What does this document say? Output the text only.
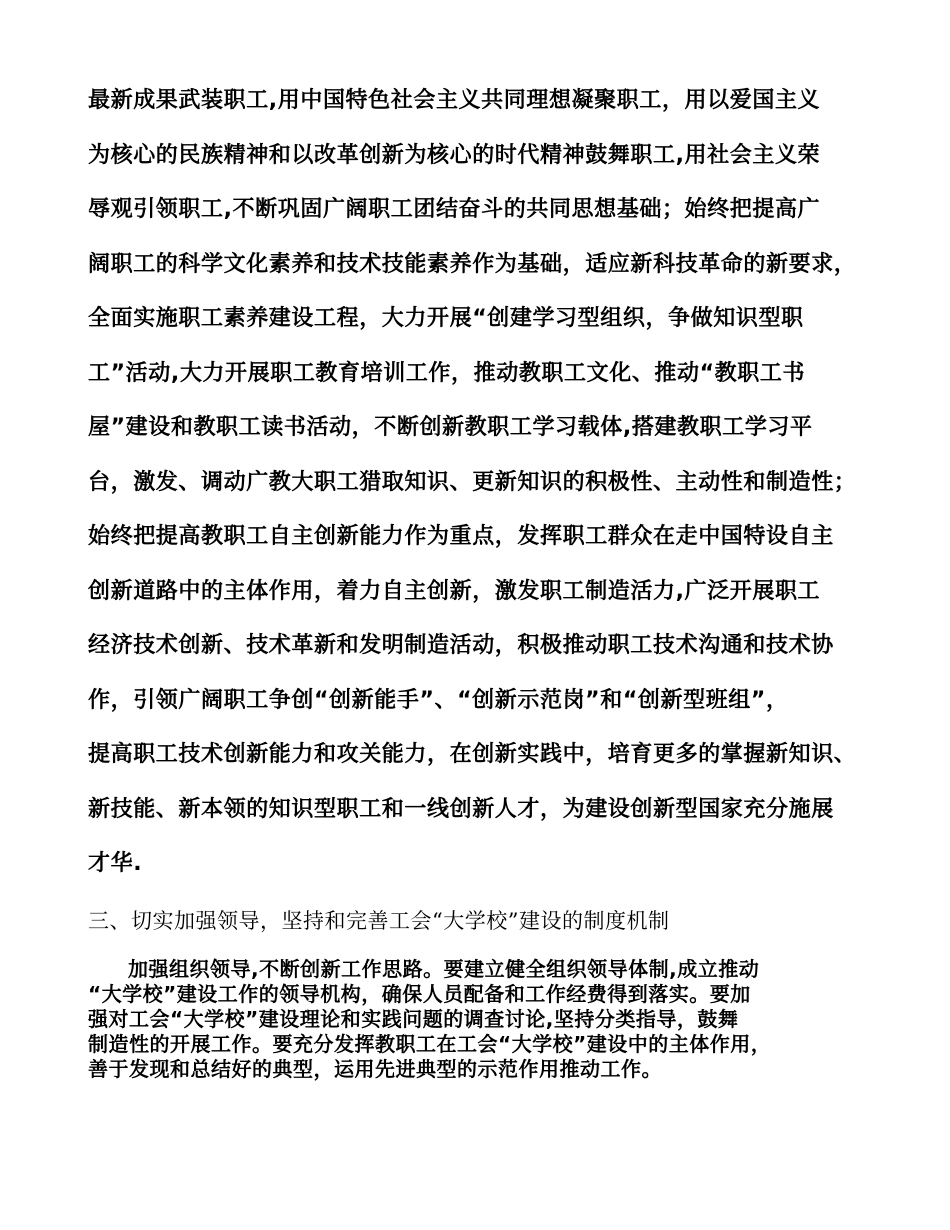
最新成果武装职工,用中国特色社会主义共同理想凝聚职工，用以爱国主义
为核心的民族精神和以改革创新为核心的时代精神鼓舞职工,用社会主义荣
辱观引领职工,不断巩固广阔职工团结奋斗的共同思想基础；始终把提高广
阔职工的科学文化素养和技术技能素养作为基础，适应新科技革命的新要求，
全面实施职工素养建设工程，大力开展“创建学习型组织，争做知识型职
工”活动,大力开展职工教育培训工作，推动教职工文化、推动“教职工书
屋”建设和教职工读书活动，不断创新教职工学习载体,搭建教职工学习平
台，激发、调动广教大职工猎取知识、更新知识的积极性、主动性和制造性；
始终把提高教职工自主创新能力作为重点，发挥职工群众在走中国特设自主
创新道路中的主体作用，着力自主创新，激发职工制造活力,广泛开展职工
经济技术创新、技术革新和发明制造活动，积极推动职工技术沟通和技术协
作，引领广阔职工争创“创新能手”、“创新示范岗”和“创新型班组”，
提高职工技术创新能力和攻关能力，在创新实践中，培育更多的掌握新知识、
新技能、新本领的知识型职工和一线创新人才，为建设创新型国家充分施展
才华.
三、切实加强领导，坚持和完善工会“大学校”建设的制度机制
加强组织领导,不断创新工作思路。要建立健全组织领导体制,成立推动
“大学校”建设工作的领导机构，确保人员配备和工作经费得到落实。要加
强对工会“大学校”建设理论和实践问题的调查讨论,坚持分类指导，鼓舞
制造性的开展工作。要充分发挥教职工在工会“大学校”建设中的主体作用，
善于发现和总结好的典型，运用先进典型的示范作用推动工作。
